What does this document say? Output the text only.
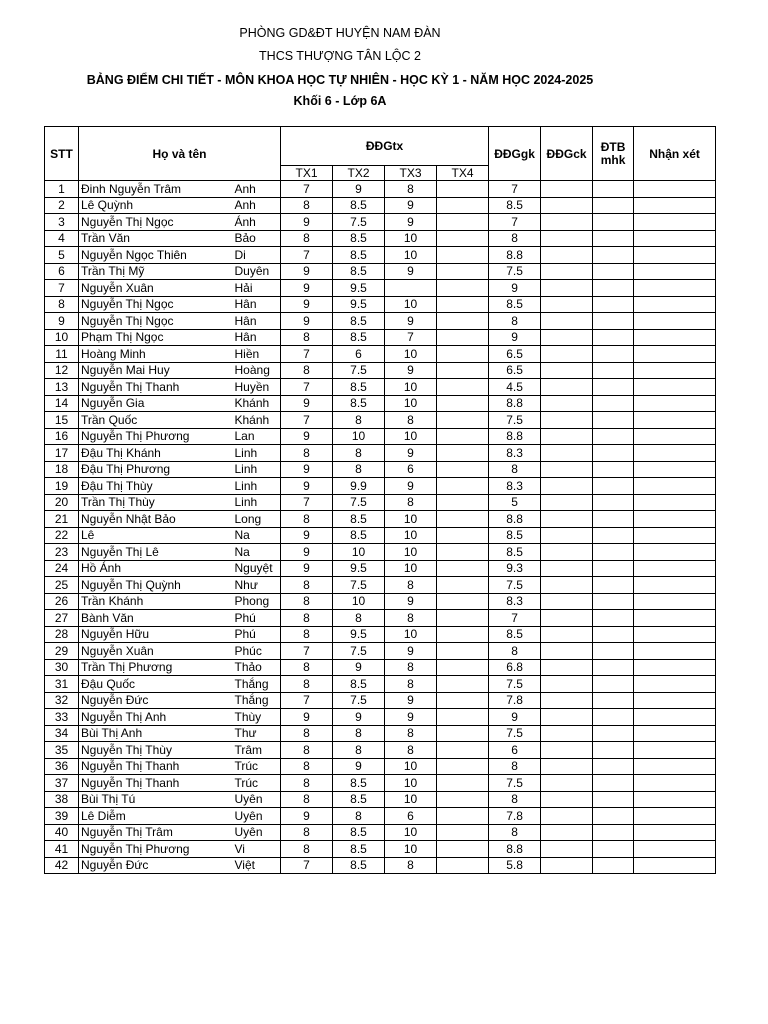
PHÒNG GD&ĐT HUYỆN NAM ĐÀN
THCS THƯỢNG TÂN LỘC 2
BẢNG ĐIỂM CHI TIẾT - MÔN KHOA HỌC TỰ NHIÊN - HỌC KỲ 1 - NĂM HỌC 2024-2025
Khối 6 - Lớp 6A
STT	Họ và tên		ĐĐGtx				ĐĐGgk	ĐĐGck	ĐTB mhk	Nhận xét
			TX1	TX2	TX3	TX4				
1	Đinh Nguyễn Trâm	Anh	7	9	8		7			
2	Lê Quỳnh	Anh	8	8.5	9		8.5			
3	Nguyễn Thị Ngọc	Ánh	9	7.5	9		7			
4	Trần Văn	Bảo	8	8.5	10		8			
5	Nguyễn Ngọc Thiên	Di	7	8.5	10		8.8			
6	Trần Thị Mỹ	Duyên	9	8.5	9		7.5			
7	Nguyễn Xuân	Hải	9	9.5			9			
8	Nguyễn Thị Ngọc	Hân	9	9.5	10		8.5			
9	Nguyễn Thị Ngọc	Hân	9	8.5	9		8			
10	Phạm Thị Ngọc	Hân	8	8.5	7		9			
11	Hoàng Minh	Hiền	7	6	10		6.5			
12	Nguyễn Mai Huy	Hoàng	8	7.5	9		6.5			
13	Nguyễn Thị Thanh	Huyền	7	8.5	10		4.5			
14	Nguyễn Gia	Khánh	9	8.5	10		8.8			
15	Trần Quốc	Khánh	7	8	8		7.5			
16	Nguyễn Thị Phương	Lan	9	10	10		8.8			
17	Đậu Thị Khánh	Linh	8	8	9		8.3			
18	Đậu Thị Phương	Linh	9	8	6		8			
19	Đậu Thị Thùy	Linh	9	9.9	9		8.3			
20	Trần Thị Thùy	Linh	7	7.5	8		5			
21	Nguyễn Nhật Bảo	Long	8	8.5	10		8.8			
22	Lê	Na	9	8.5	10		8.5			
23	Nguyễn Thị Lê	Na	9	10	10		8.5			
24	Hồ Ánh	Nguyệt	9	9.5	10		9.3			
25	Nguyễn Thị Quỳnh	Như	8	7.5	8		7.5			
26	Trần Khánh	Phong	8	10	9		8.3			
27	Bành Văn	Phú	8	8	8		7			
28	Nguyễn Hữu	Phú	8	9.5	10		8.5			
29	Nguyễn Xuân	Phúc	7	7.5	9		8			
30	Trần Thị Phương	Thảo	8	9	8		6.8			
31	Đậu Quốc	Thắng	8	8.5	8		7.5			
32	Nguyễn Đức	Thắng	7	7.5	9		7.8			
33	Nguyễn Thị Anh	Thùy	9	9	9		9			
34	Bùi Thị Anh	Thư	8	8	8		7.5			
35	Nguyễn Thị Thùy	Trâm	8	8	8		6			
36	Nguyễn Thị Thanh	Trúc	8	9	10		8			
37	Nguyễn Thị Thanh	Trúc	8	8.5	10		7.5			
38	Bùi Thị Tú	Uyên	8	8.5	10		8			
39	Lê Diễm	Uyên	9	8	6		7.8			
40	Nguyễn Thị Trâm	Uyên	8	8.5	10		8			
41	Nguyễn Thị Phương	Vi	8	8.5	10		8.8			
42	Nguyễn Đức	Việt	7	8.5	8		5.8			
